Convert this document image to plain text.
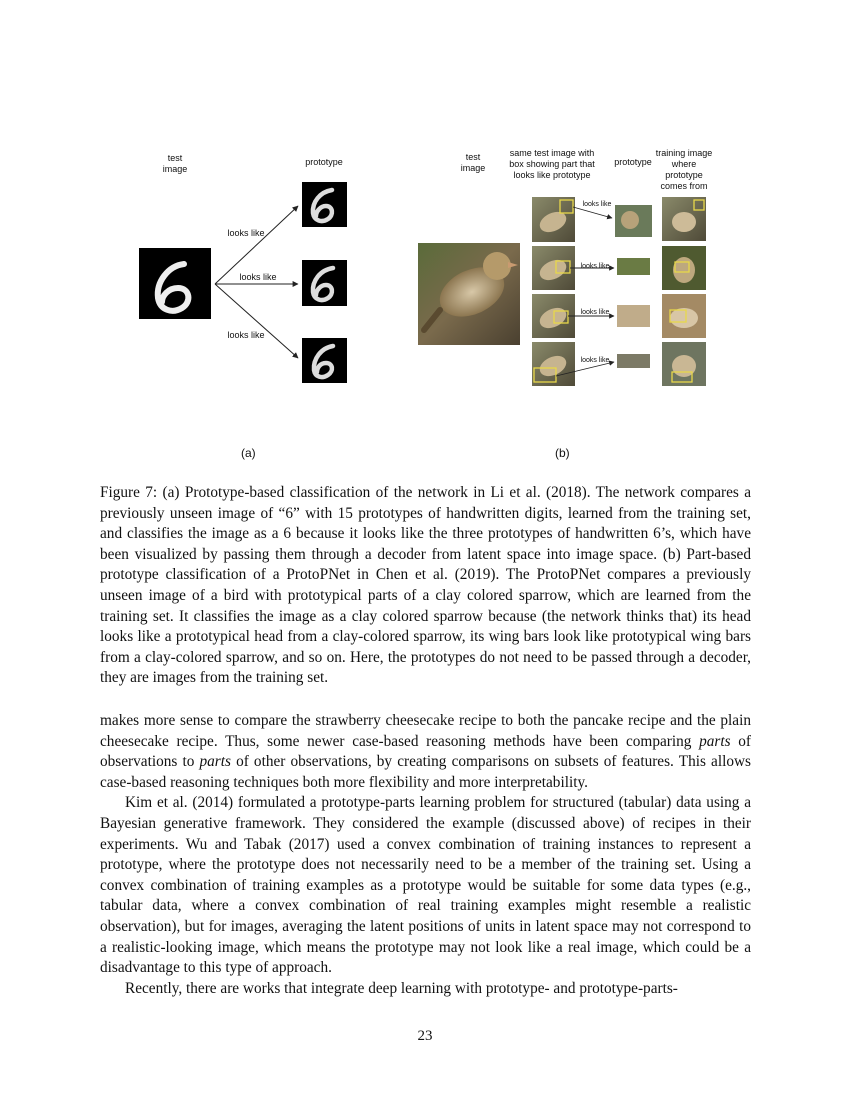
test
image
prototype
looks like
looks like
looks like
test
image
same test image with
box showing part that
looks like prototype
prototype
training image
where
prototype
comes from
looks like
looks like
looks like
looks like
(a)	(b)
Figure 7: (a) Prototype-based classification of the network in Li et al. (2018). The network compares a previously unseen image of “6” with 15 prototypes of handwritten digits, learned from the training set, and classifies the image as a 6 because it looks like the three prototypes of handwritten 6’s, which have been visualized by passing them through a decoder from latent space into image space. (b) Part-based prototype classification of a ProtoPNet in Chen et al. (2019). The ProtoPNet compares a previously unseen image of a bird with prototypical parts of a clay colored sparrow, which are learned from the training set. It classifies the image as a clay colored sparrow because (the network thinks that) its head looks like a prototypical head from a clay-colored sparrow, its wing bars look like prototypical wing bars from a clay-colored sparrow, and so on. Here, the prototypes do not need to be passed through a decoder, they are images from the training set.

makes more sense to compare the strawberry cheesecake recipe to both the pancake recipe and the plain cheesecake recipe. Thus, some newer case-based reasoning methods have been comparing parts of observations to parts of other observations, by creating comparisons on subsets of features. This allows case-based reasoning techniques both more flexibility and more interpretability.

Kim et al. (2014) formulated a prototype-parts learning problem for structured (tabular) data using a Bayesian generative framework. They considered the example (discussed above) of recipes in their experiments. Wu and Tabak (2017) used a convex combination of training instances to represent a prototype, where the prototype does not necessarily need to be a member of the training set. Using a convex combination of training examples as a prototype would be suitable for some data types (e.g., tabular data, where a convex combination of real training examples might resemble a realistic observation), but for images, averaging the latent positions of units in latent space may not correspond to a realistic-looking image, which means the prototype may not look like a real image, which could be a disadvantage to this type of approach.

Recently, there are works that integrate deep learning with prototype- and prototype-parts-

23
